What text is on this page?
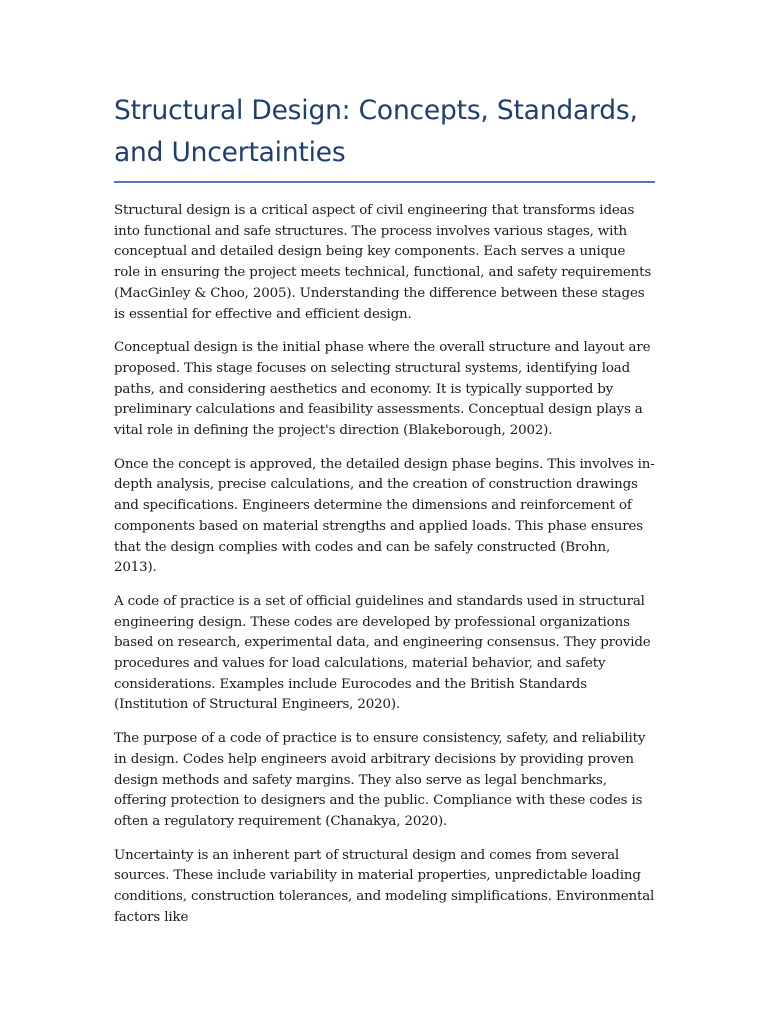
Structural Design: Concepts, Standards, and Uncertainties

Structural design is a critical aspect of civil engineering that transforms ideas into functional and safe structures. The process involves various stages, with conceptual and detailed design being key components. Each serves a unique role in ensuring the project meets technical, functional, and safety requirements (MacGinley & Choo, 2005). Understanding the difference between these stages is essential for effective and efficient design.

Conceptual design is the initial phase where the overall structure and layout are proposed. This stage focuses on selecting structural systems, identifying load paths, and considering aesthetics and economy. It is typically supported by preliminary calculations and feasibility assessments. Conceptual design plays a vital role in defining the project's direction (Blakeborough, 2002).

Once the concept is approved, the detailed design phase begins. This involves in-depth analysis, precise calculations, and the creation of construction drawings and specifications. Engineers determine the dimensions and reinforcement of components based on material strengths and applied loads. This phase ensures that the design complies with codes and can be safely constructed (Brohn, 2013).

A code of practice is a set of official guidelines and standards used in structural engineering design. These codes are developed by professional organizations based on research, experimental data, and engineering consensus. They provide procedures and values for load calculations, material behavior, and safety considerations. Examples include Eurocodes and the British Standards (Institution of Structural Engineers, 2020).

The purpose of a code of practice is to ensure consistency, safety, and reliability in design. Codes help engineers avoid arbitrary decisions by providing proven design methods and safety margins. They also serve as legal benchmarks, offering protection to designers and the public. Compliance with these codes is often a regulatory requirement (Chanakya, 2020).

Uncertainty is an inherent part of structural design and comes from several sources. These include variability in material properties, unpredictable loading conditions, construction tolerances, and modeling simplifications. Environmental factors like
